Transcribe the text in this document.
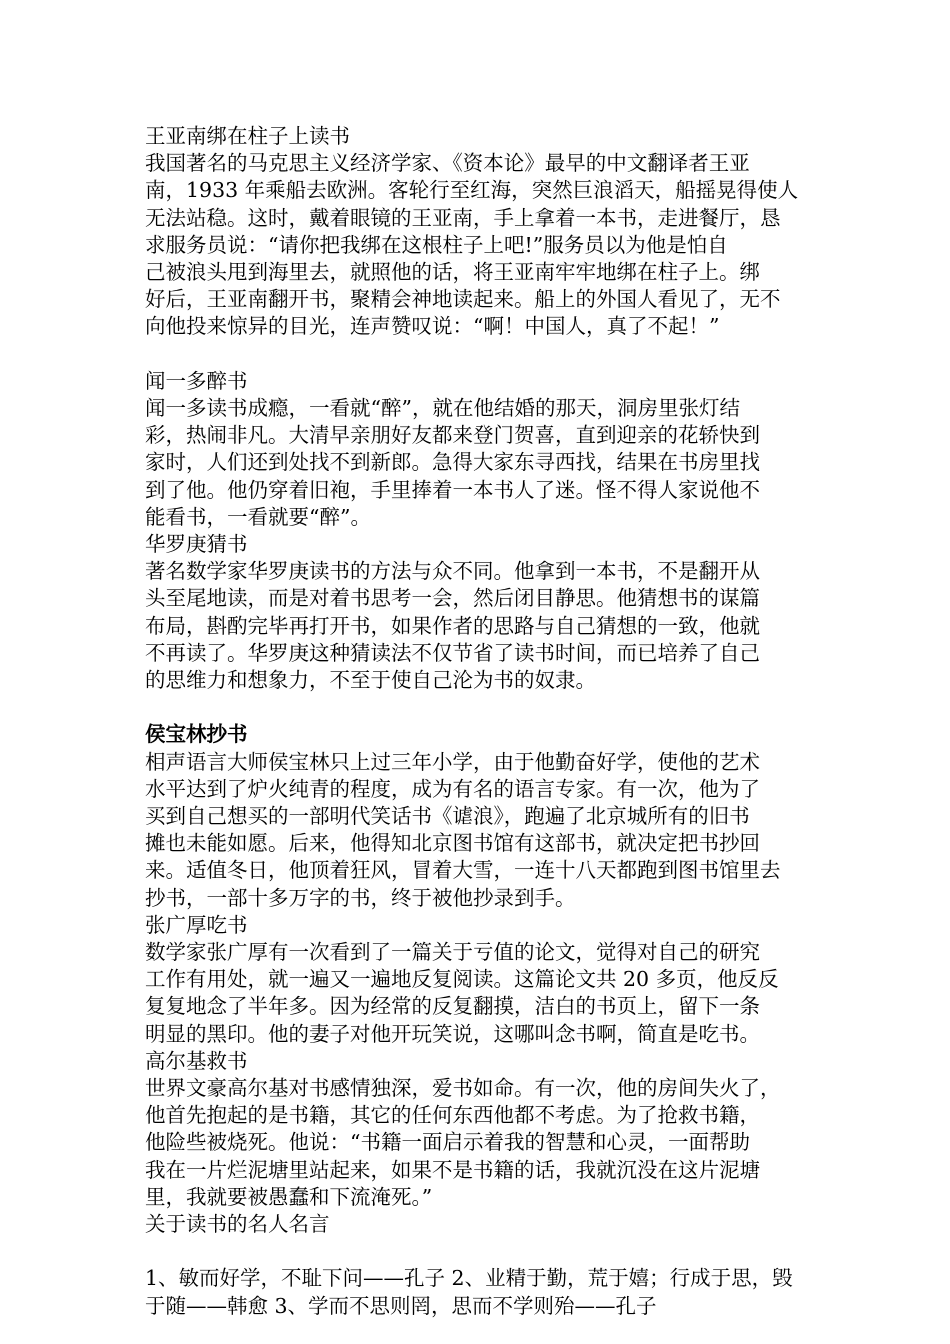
王亚南绑在柱子上读书

我国著名的马克思主义经济学家、《资本论》最早的中文翻译者王亚

南，1933 年乘船去欧洲。客轮行至红海，突然巨浪滔天，船摇晃得使人

无法站稳。这时，戴着眼镜的王亚南，手上拿着一本书，走进餐厅，恳

求服务员说：“请你把我绑在这根柱子上吧!”服务员以为他是怕自

己被浪头甩到海里去，就照他的话，将王亚南牢牢地绑在柱子上。绑

好后，王亚南翻开书，聚精会神地读起来。船上的外国人看见了，无不

向他投来惊异的目光，连声赞叹说：“啊！中国人，真了不起！”

闻一多醉书

闻一多读书成瘾，一看就“醉”，就在他结婚的那天，洞房里张灯结

彩，热闹非凡。大清早亲朋好友都来登门贺喜，直到迎亲的花轿快到

家时，人们还到处找不到新郎。急得大家东寻西找，结果在书房里找

到了他。他仍穿着旧袍，手里捧着一本书人了迷。怪不得人家说他不

能看书，一看就要“醉”。

华罗庚猜书

著名数学家华罗庚读书的方法与众不同。他拿到一本书，不是翻开从

头至尾地读，而是对着书思考一会，然后闭目静思。他猜想书的谋篇

布局，斟酌完毕再打开书，如果作者的思路与自己猜想的一致，他就

不再读了。华罗庚这种猜读法不仅节省了读书时间，而已培养了自己

的思维力和想象力，不至于使自己沦为书的奴隶。

侯宝林抄书

相声语言大师侯宝林只上过三年小学，由于他勤奋好学，使他的艺术

水平达到了炉火纯青的程度，成为有名的语言专家。有一次，他为了

买到自己想买的一部明代笑话书《谑浪》，跑遍了北京城所有的旧书

摊也未能如愿。后来，他得知北京图书馆有这部书，就决定把书抄回

来。适值冬日，他顶着狂风，冒着大雪，一连十八天都跑到图书馆里去

抄书，一部十多万字的书，终于被他抄录到手。

张广厚吃书

数学家张广厚有一次看到了一篇关于亏值的论文，觉得对自己的研究

工作有用处，就一遍又一遍地反复阅读。这篇论文共 20 多页，他反反

复复地念了半年多。因为经常的反复翻摸，洁白的书页上，留下一条

明显的黑印。他的妻子对他开玩笑说，这哪叫念书啊，简直是吃书。

高尔基救书

世界文豪高尔基对书感情独深，爱书如命。有一次，他的房间失火了，

他首先抱起的是书籍，其它的任何东西他都不考虑。为了抢救书籍，

他险些被烧死。他说：“书籍一面启示着我的智慧和心灵，一面帮助

我在一片烂泥塘里站起来，如果不是书籍的话，我就沉没在这片泥塘

里，我就要被愚蠢和下流淹死。”

关于读书的名人名言

1、敏而好学，不耻下问——孔子 2、业精于勤，荒于嬉；行成于思，毁

于随——韩愈 3、学而不思则罔，思而不学则殆——孔子
